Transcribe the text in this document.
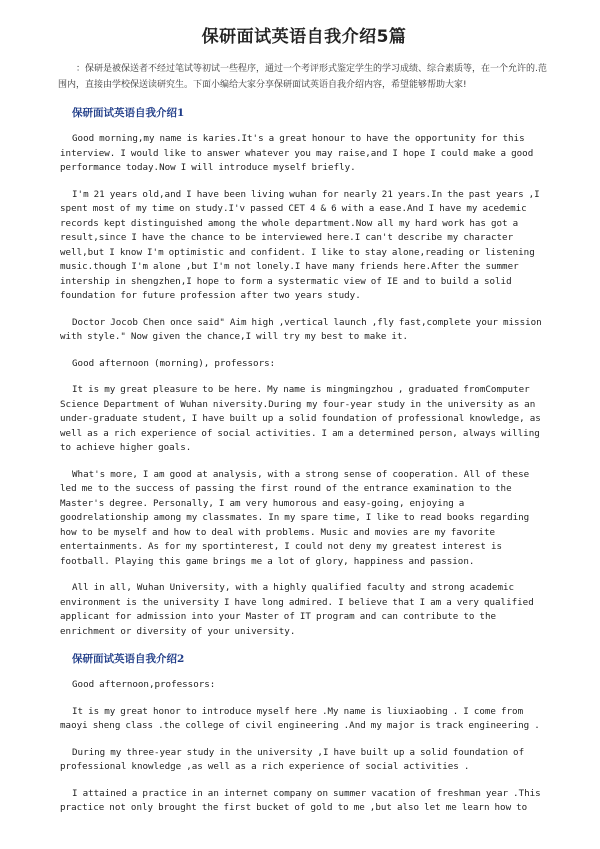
保研面试英语自我介绍5篇

：保研是被保送者不经过笔试等初试一些程序，通过一个考评形式鉴定学生的学习成绩、综合素质等，在一个允许的.范围内，直接由学校保送读研究生。下面小编给大家分享保研面试英语自我介绍内容，希望能够帮助大家!

保研面试英语自我介绍1

Good morning,my name is karies.It's a great honour to have the opportunity for this interview. I would like to answer whatever you may raise,and I hope I could make a good performance today.Now I will introduce myself briefly.

I'm 21 years old,and I have been living wuhan for nearly 21 years.In the past years ,I spent most of my time on study.I'v passed CET 4 & 6 with a ease.And I have my acedemic records kept distinguished among the whole department.Now all my hard work has got a result,since I have the chance to be interviewed here.I can't describe my character well,but I know I'm optimistic and confident. I like to stay alone,reading or listening music.though I'm alone ,but I'm not lonely.I have many friends here.After the summer intership in shengzhen,I hope to form a systermatic view of IE and to build a solid foundation for future profession after two years study.

Doctor Jocob Chen once said" Aim high ,vertical launch ,fly fast,complete your mission with style." Now given the chance,I will try my best to make it.

Good afternoon (morning), professors:

It is my great pleasure to be here. My name is mingmingzhou , graduated fromComputer Science Department of Wuhan niversity.During my four-year study in the university as an under-graduate student, I have built up a solid foundation of professional knowledge, as well as a rich experience of social activities. I am a determined person, always willing to achieve higher goals.

What's more, I am good at analysis, with a strong sense of cooperation. All of these led me to the success of passing the first round of the entrance examination to the Master's degree. Personally, I am very humorous and easy-going, enjoying a goodrelationship among my classmates. In my spare time, I like to read books regarding how to be myself and how to deal with problems. Music and movies are my favorite entertainments. As for my sportinterest, I could not deny my greatest interest is football. Playing this game brings me a lot of glory, happiness and passion.

All in all, Wuhan University, with a highly qualified faculty and strong academic environment is the university I have long admired. I believe that I am a very qualified applicant for admission into your Master of IT program and can contribute to the enrichment or diversity of your university.

保研面试英语自我介绍2

Good afternoon,professors:

It is my great honor to introduce myself here .My name is liuxiaobing . I come from maoyi sheng class .the college of civil engineering .And my major is track engineering .

During my three-year study in the university ,I have built up a solid foundation of professional knowledge ,as well as a rich experience of social activities .

I attained a practice in an internet company on summer vacation of freshman year .This practice not only brought the first bucket of gold to me ,but also let me learn how to
